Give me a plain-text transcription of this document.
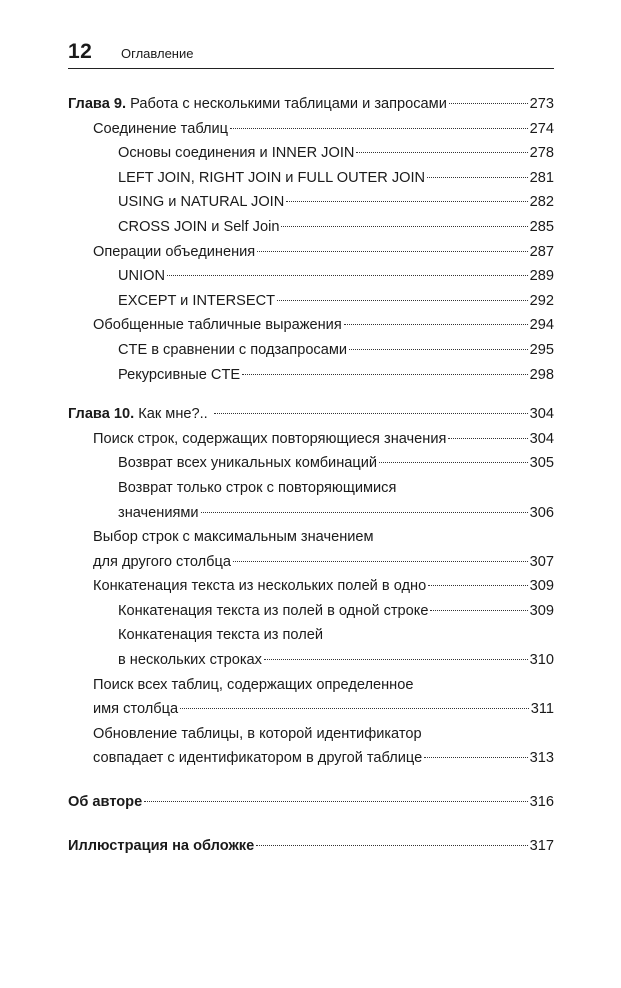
12 Оглавление
Глава 9. Работа с несколькими таблицами и запросами	273
Соединение таблиц	274
Основы соединения и INNER JOIN	278
LEFT JOIN, RIGHT JOIN и FULL OUTER JOIN	281
USING и NATURAL JOIN	282
CROSS JOIN и Self Join	285
Операции объединения	287
UNION	289
EXCEPT и INTERSECT	292
Обобщенные табличные выражения	294
CTE в сравнении с подзапросами	295
Рекурсивные CTE	298
Глава 10. Как мне?..	304
Поиск строк, содержащих повторяющиеся значения	304
Возврат всех уникальных комбинаций	305
Возврат только строк с повторяющимися
значениями	306
Выбор строк с максимальным значением
для другого столбца	307
Конкатенация текста из нескольких полей в одно	309
Конкатенация текста из полей в одной строке	309
Конкатенация текста из полей
в нескольких строках	310
Поиск всех таблиц, содержащих определенное
имя столбца	311
Обновление таблицы, в которой идентификатор
совпадает с идентификатором в другой таблице	313
Об авторе	316
Иллюстрация на обложке	317
